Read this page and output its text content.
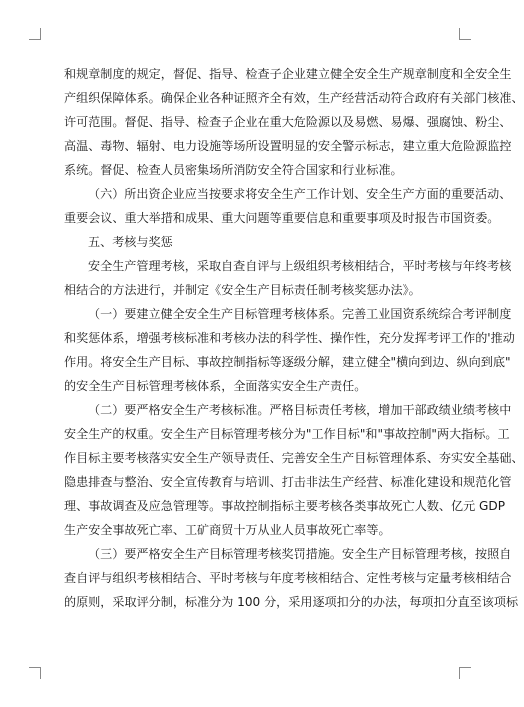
和规章制度的规定，督促、指导、检查子企业建立健全安全生产规章制度和全安全生
产组织保障体系。确保企业各种证照齐全有效，生产经营活动符合政府有关部门核准、
许可范围。督促、指导、检查子企业在重大危险源以及易燃、易爆、强腐蚀、粉尘、
高温、毒物、辐射、电力设施等场所设置明显的安全警示标志，建立重大危险源监控
系统。督促、检查人员密集场所消防安全符合国家和行业标准。
（六）所出资企业应当按要求将安全生产工作计划、安全生产方面的重要活动、
重要会议、重大举措和成果、重大问题等重要信息和重要事项及时报告市国资委。
五、考核与奖惩
安全生产管理考核，采取自查自评与上级组织考核相结合，平时考核与年终考核
相结合的方法进行，并制定《安全生产目标责任制考核奖惩办法》。
（一）要建立健全安全生产目标管理考核体系。完善工业国资系统综合考评制度
和奖惩体系，增强考核标准和考核办法的科学性、操作性，充分发挥考评工作的'推动
作用。将安全生产目标、事故控制指标等逐级分解，建立健全"横向到边、纵向到底"
的安全生产目标管理考核体系，全面落实安全生产责任。
（二）要严格安全生产考核标准。严格目标责任考核，增加干部政绩业绩考核中
安全生产的权重。安全生产目标管理考核分为"工作目标"和"事故控制"两大指标。工
作目标主要考核落实安全生产领导责任、完善安全生产目标管理体系、夯实安全基础、
隐患排查与整治、安全宣传教育与培训、打击非法生产经营、标准化建设和规范化管
理、事故调查及应急管理等。事故控制指标主要考核各类事故死亡人数、亿元 GDP
生产安全事故死亡率、工矿商贸十万从业人员事故死亡率等。
（三）要严格安全生产目标管理考核奖罚措施。安全生产目标管理考核，按照自
查自评与组织考核相结合、平时考核与年度考核相结合、定性考核与定量考核相结合
的原则，采取评分制，标准分为 100 分，采用逐项扣分的办法，每项扣分直至该项标
